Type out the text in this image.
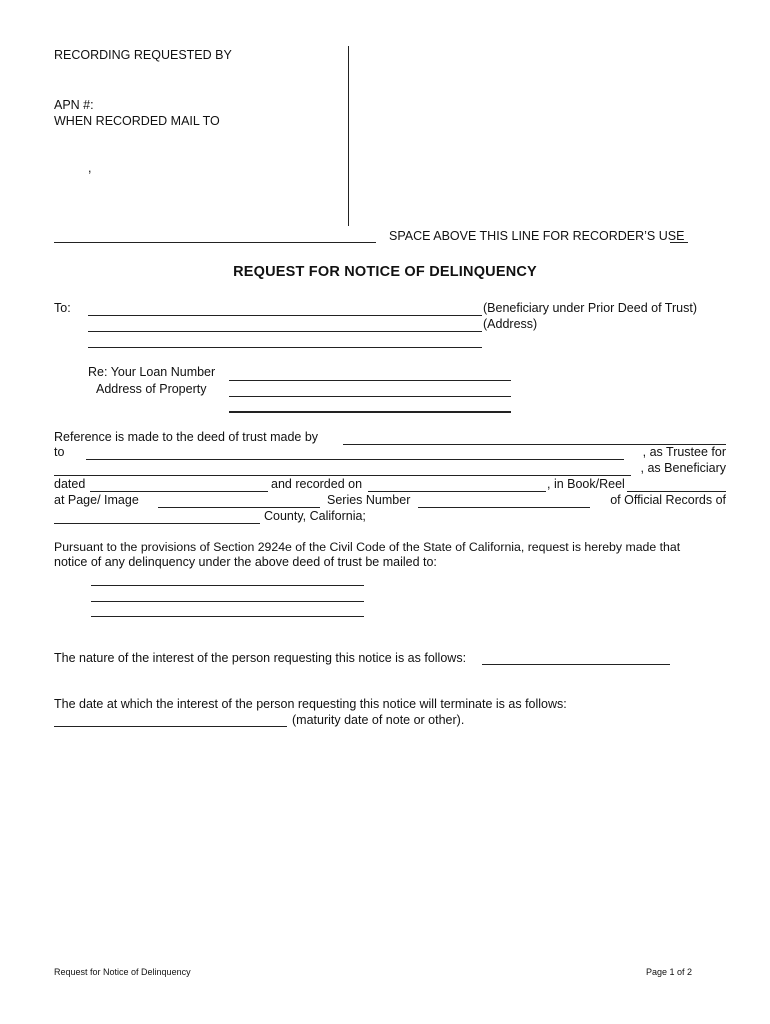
RECORDING REQUESTED BY
APN #:
WHEN RECORDED MAIL TO
,
SPACE ABOVE THIS LINE FOR RECORDER’S USE
REQUEST FOR NOTICE OF DELINQUENCY
To:	(Beneficiary under Prior Deed of Trust)
(Address)
Re: Your Loan Number
Address of Property
Reference is made to the deed of trust made by
to	, as Trustee for
, as Beneficiary
dated	and recorded on	, in Book/Reel
at Page/ Image	Series Number	of Official Records of
County, California;
Pursuant to the provisions of Section 2924e of the Civil Code of the State of California, request is hereby made that
notice of any delinquency under the above deed of trust be mailed to:
The nature of the interest of the person requesting this notice is as follows:
The date at which the interest of the person requesting this notice will terminate is as follows:
(maturity date of note or other).
Request for Notice of Delinquency	Page 1 of 2
